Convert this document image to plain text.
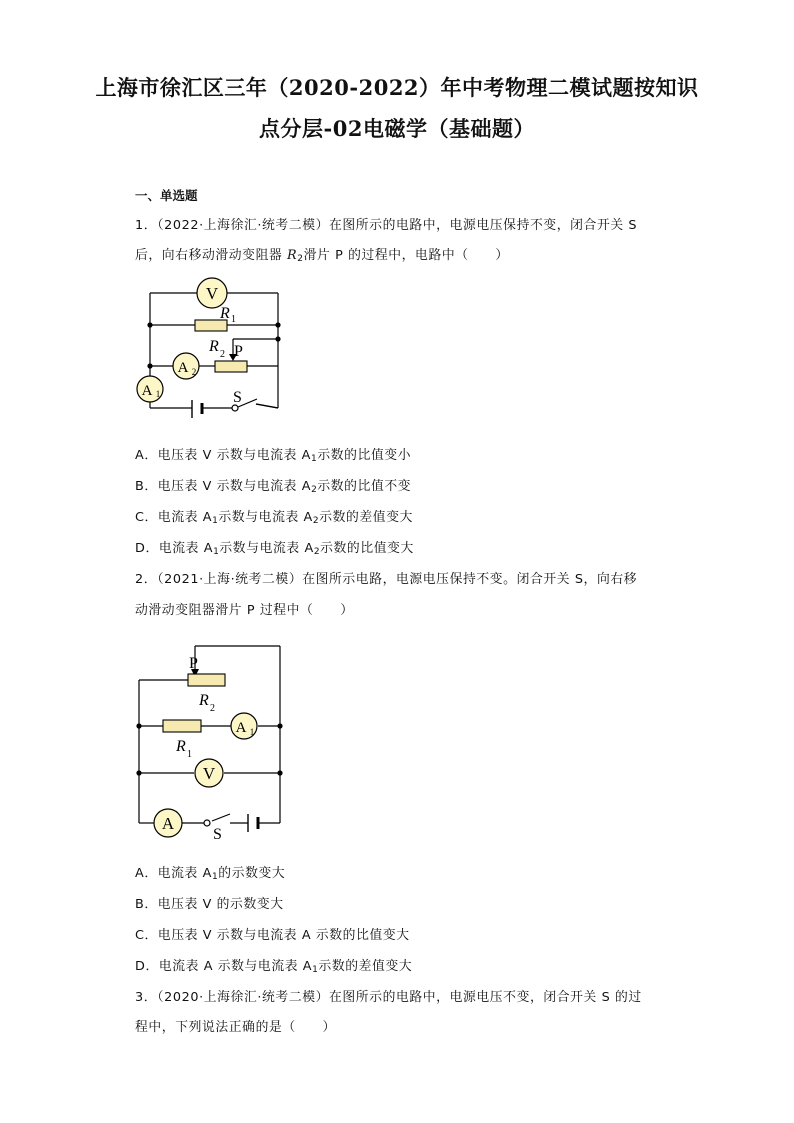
上海市徐汇区三年（2020-2022）年中考物理二模试题按知识
点分层-02电磁学（基础题）
一、单选题
1．（2022·上海徐汇·统考二模）在图所示的电路中，电源电压保持不变，闭合开关 S
后，向右移动滑动变阻器 $R_2$滑片 P 的过程中，电路中（　　）
V
R 1
A 2
R 2 P
A 1	S
A．电压表 V 示数与电流表 $A_1$示数的比值变小
B．电压表 V 示数与电流表 $A_2$示数的比值不变
C．电流表 $A_1$示数与电流表 $A_2$示数的差值变大
D．电流表 $A_1$示数与电流表 $A_2$示数的比值变大
2．（2021·上海·统考二模）在图所示电路，电源电压保持不变。闭合开关 S，向右移
动滑动变阻器滑片 P 过程中（　　）
P
R 2
R 1
A 1
V
A
S
A．电流表 $A_1$的示数变大
B．电压表 V 的示数变大
C．电压表 V 示数与电流表 A 示数的比值变大
D．电流表 A 示数与电流表 $A_1$示数的差值变大
3．（2020·上海徐汇·统考二模）在图所示的电路中，电源电压不变，闭合开关 S 的过
程中，下列说法正确的是（　　）
